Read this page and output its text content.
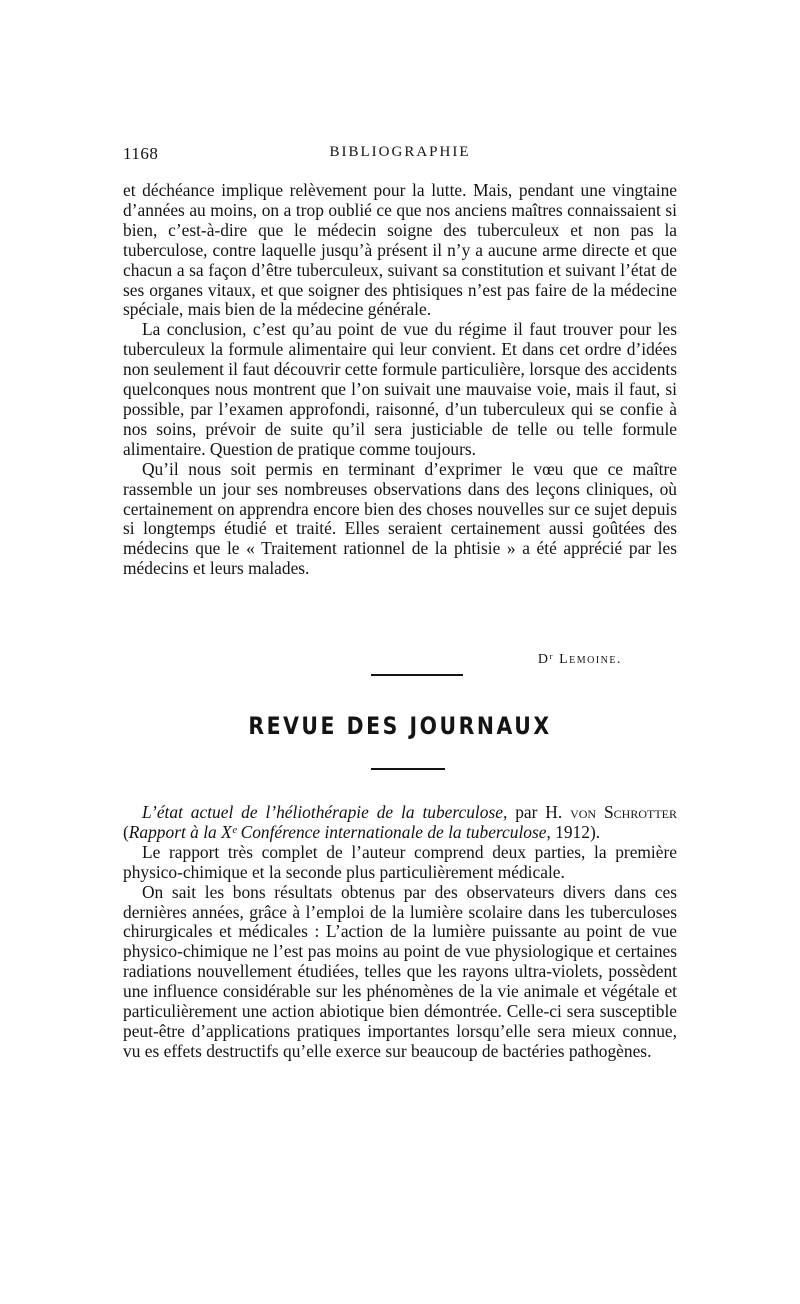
1168	BIBLIOGRAPHIE

et déchéance implique relèvement pour la lutte. Mais, pendant une vingtaine d’années au moins, on a trop oublié ce que nos anciens maîtres connaissaient si bien, c’est-à-dire que le médecin soigne des tuberculeux et non pas la tuberculose, contre laquelle jusqu’à présent il n’y a aucune arme directe et que chacun a sa façon d’être tuberculeux, suivant sa constitution et suivant l’état de ses organes vitaux, et que soigner des phtisiques n’est pas faire de la médecine spéciale, mais bien de la médecine générale.

La conclusion, c’est qu’au point de vue du régime il faut trouver pour les tuberculeux la formule alimentaire qui leur convient. Et dans cet ordre d’idées non seulement il faut découvrir cette formule particulière, lorsque des accidents quelconques nous montrent que l’on suivait une mauvaise voie, mais il faut, si possible, par l’examen approfondi, raisonné, d’un tuberculeux qui se confie à nos soins, prévoir de suite qu’il sera justiciable de telle ou telle formule alimentaire. Question de pratique comme toujours.

Qu’il nous soit permis en terminant d’exprimer le vœu que ce maître rassemble un jour ses nombreuses observations dans des leçons cliniques, où certainement on apprendra encore bien des choses nouvelles sur ce sujet depuis si longtemps étudié et traité. Elles seraient certainement aussi goûtées des médecins que le « Traitement rationnel de la phtisie » a été apprécié par les médecins et leurs malades.

Dʳ Lemoine.
REVUE DES JOURNAUX

L’état actuel de l’héliothérapie de la tuberculose, par H. von Schrotter (Rapport à la Xᵉ Conférence internationale de la tuberculose, 1912).

Le rapport très complet de l’auteur comprend deux parties, la première physico-chimique et la seconde plus particulièrement médicale.

On sait les bons résultats obtenus par des observateurs divers dans ces dernières années, grâce à l’emploi de la lumière scolaire dans les tuberculoses chirurgicales et médicales : L’action de la lumière puissante au point de vue physico-chimique ne l’est pas moins au point de vue physiologique et certaines radiations nouvellement étudiées, telles que les rayons ultra-violets, possèdent une influence considérable sur les phénomènes de la vie animale et végétale et particulièrement une action abiotique bien démontrée. Celle-ci sera susceptible peut-être d’applications pratiques importantes lorsqu’elle sera mieux connue, vu es effets destructifs qu’elle exerce sur beaucoup de bactéries pathogènes.
